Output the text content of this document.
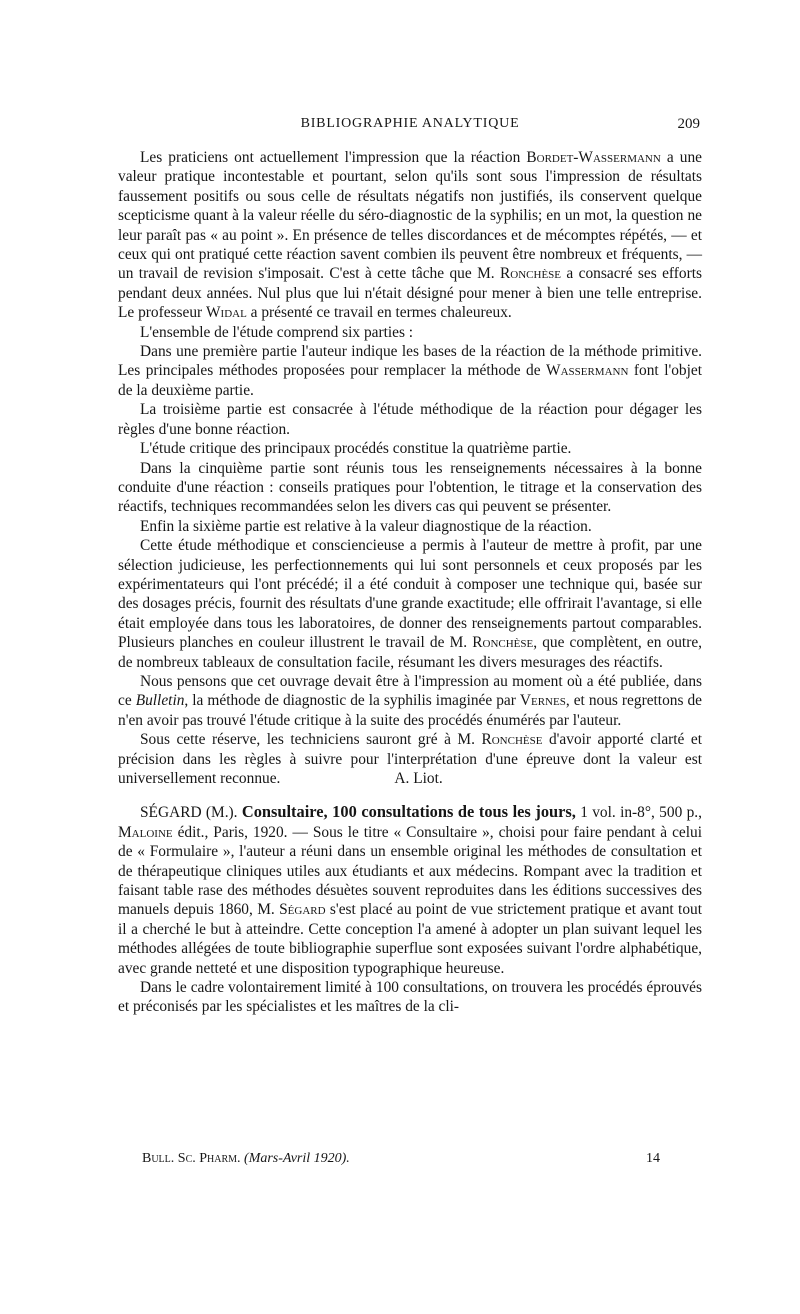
BIBLIOGRAPHIE ANALYTIQUE	209

Les praticiens ont actuellement l'impression que la réaction Bordet-Wassermann a une valeur pratique incontestable et pourtant, selon qu'ils sont sous l'impression de résultats faussement positifs ou sous celle de résultats négatifs non justifiés, ils conservent quelque scepticisme quant à la valeur réelle du séro-diagnostic de la syphilis; en un mot, la question ne leur paraît pas « au point ». En présence de telles discordances et de mécomptes répétés, — et ceux qui ont pratiqué cette réaction savent combien ils peuvent être nombreux et fréquents, — un travail de revision s'imposait. C'est à cette tâche que M. Ronchèse a consacré ses efforts pendant deux années. Nul plus que lui n'était désigné pour mener à bien une telle entreprise. Le professeur Widal a présenté ce travail en termes chaleureux.

L'ensemble de l'étude comprend six parties :

Dans une première partie l'auteur indique les bases de la réaction de la méthode primitive. Les principales méthodes proposées pour remplacer la méthode de Wassermann font l'objet de la deuxième partie.

La troisième partie est consacrée à l'étude méthodique de la réaction pour dégager les règles d'une bonne réaction.

L'étude critique des principaux procédés constitue la quatrième partie.

Dans la cinquième partie sont réunis tous les renseignements nécessaires à la bonne conduite d'une réaction : conseils pratiques pour l'obtention, le titrage et la conservation des réactifs, techniques recommandées selon les divers cas qui peuvent se présenter.

Enfin la sixième partie est relative à la valeur diagnostique de la réaction.

Cette étude méthodique et consciencieuse a permis à l'auteur de mettre à profit, par une sélection judicieuse, les perfectionnements qui lui sont personnels et ceux proposés par les expérimentateurs qui l'ont précédé; il a été conduit à composer une technique qui, basée sur des dosages précis, fournit des résultats d'une grande exactitude; elle offrirait l'avantage, si elle était employée dans tous les laboratoires, de donner des renseignements partout comparables. Plusieurs planches en couleur illustrent le travail de M. Ronchèse, que complètent, en outre, de nombreux tableaux de consultation facile, résumant les divers mesurages des réactifs.

Nous pensons que cet ouvrage devait être à l'impression au moment où a été publiée, dans ce Bulletin, la méthode de diagnostic de la syphilis imaginée par Vernes, et nous regrettons de n'en avoir pas trouvé l'étude critique à la suite des procédés énumérés par l'auteur.

Sous cette réserve, les techniciens sauront gré à M. Ronchèse d'avoir apporté clarté et précision dans les règles à suivre pour l'interprétation d'une épreuve dont la valeur est universellement reconnue.	A. Liot.

SÉGARD (M.). Consultaire, 100 consultations de tous les jours, 1 vol. in-8°, 500 p., Maloine édit., Paris, 1920. — Sous le titre « Consultaire », choisi pour faire pendant à celui de « Formulaire », l'auteur a réuni dans un ensemble original les méthodes de consultation et de thérapeutique cliniques utiles aux étudiants et aux médecins. Rompant avec la tradition et faisant table rase des méthodes désuètes souvent reproduites dans les éditions successives des manuels depuis 1860, M. Ségard s'est placé au point de vue strictement pratique et avant tout il a cherché le but à atteindre. Cette conception l'a amené à adopter un plan suivant lequel les méthodes allégées de toute bibliographie superflue sont exposées suivant l'ordre alphabétique, avec grande netteté et une disposition typographique heureuse.

Dans le cadre volontairement limité à 100 consultations, on trouvera les procédés éprouvés et préconisés par les spécialistes et les maîtres de la cli-

Bull. Sc. Pharm. (Mars-Avril 1920).	14
